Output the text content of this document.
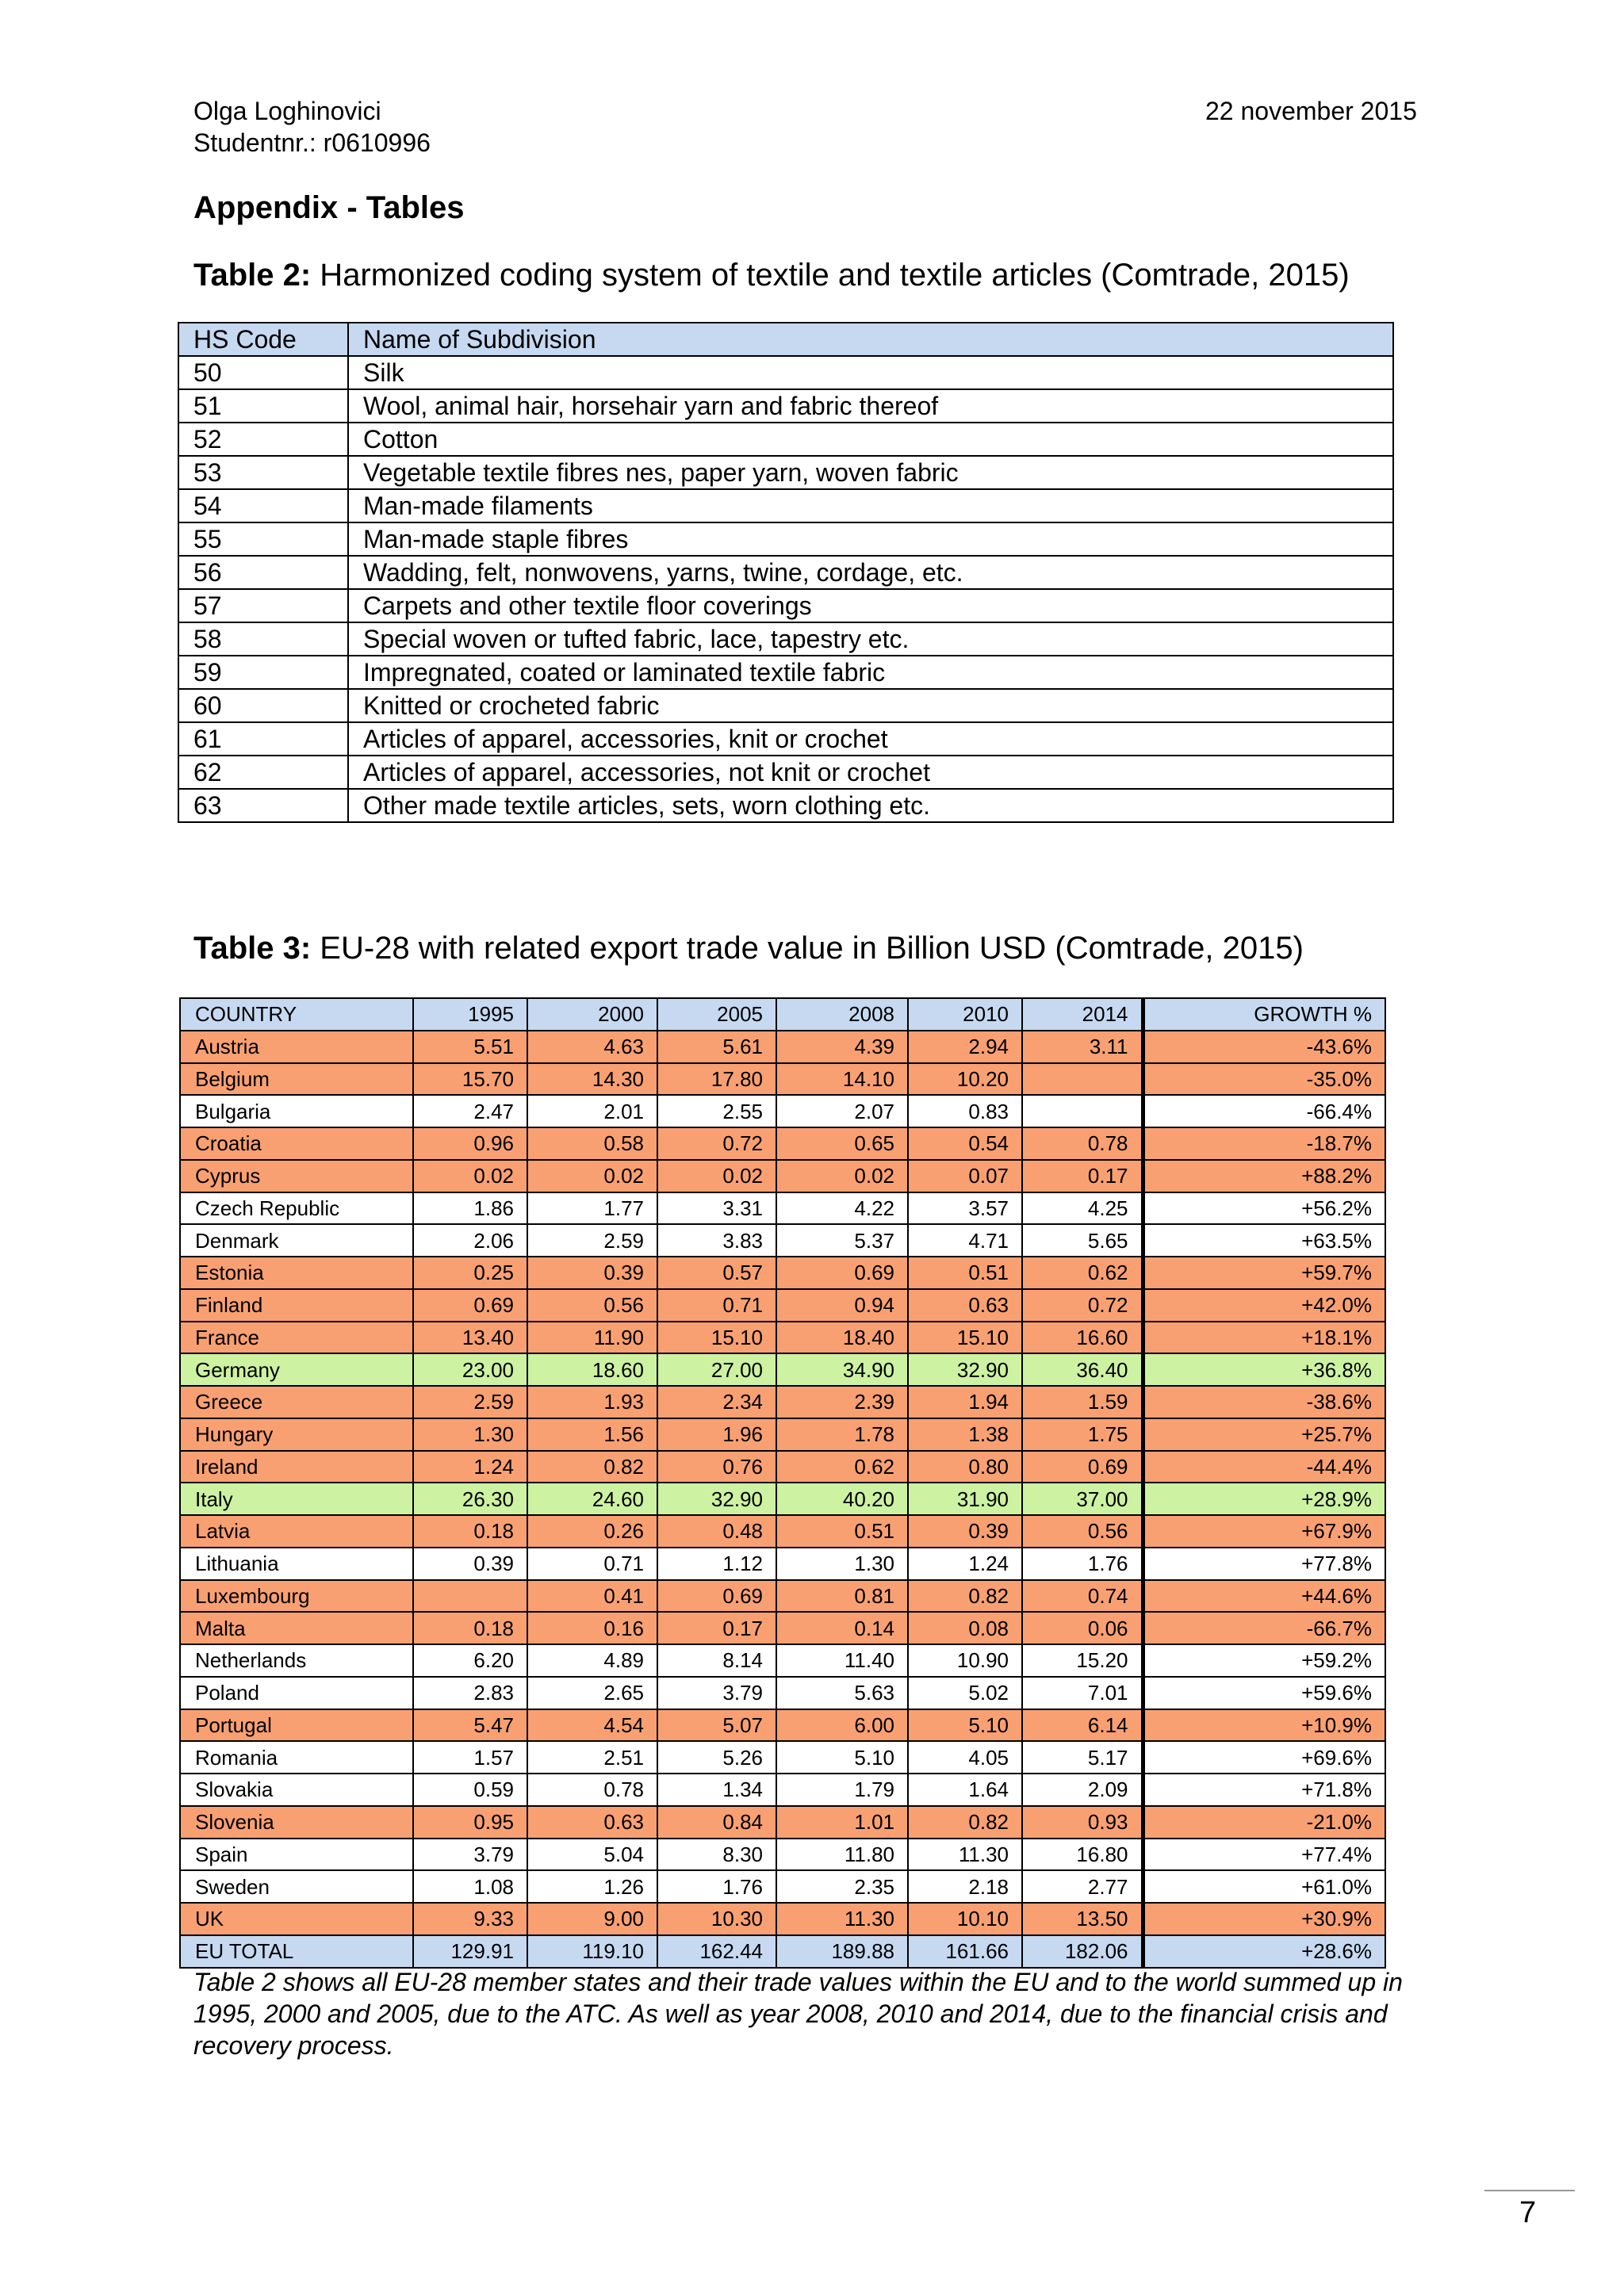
Olga Loghinovici
Studentnr.: r0610996
22 november 2015
Appendix - Tables
Table 2: Harmonized coding system of textile and textile articles (Comtrade, 2015)
HS Code	Name of Subdivision
50	Silk
51	Wool, animal hair, horsehair yarn and fabric thereof
52	Cotton
53	Vegetable textile fibres nes, paper yarn, woven fabric
54	Man-made filaments
55	Man-made staple fibres
56	Wadding, felt, nonwovens, yarns, twine, cordage, etc.
57	Carpets and other textile floor coverings
58	Special woven or tufted fabric, lace, tapestry etc.
59	Impregnated, coated or laminated textile fabric
60	Knitted or crocheted fabric
61	Articles of apparel, accessories, knit or crochet
62	Articles of apparel, accessories, not knit or crochet
63	Other made textile articles, sets, worn clothing etc.
Table 3: EU-28 with related export trade value in Billion USD (Comtrade, 2015)
COUNTRY	1995	2000	2005	2008	2010	2014	GROWTH %
Austria	5.51	4.63	5.61	4.39	2.94	3.11	-43.6%
Belgium	15.70	14.30	17.80	14.10	10.20		-35.0%
Bulgaria	2.47	2.01	2.55	2.07	0.83		-66.4%
Croatia	0.96	0.58	0.72	0.65	0.54	0.78	-18.7%
Cyprus	0.02	0.02	0.02	0.02	0.07	0.17	+88.2%
Czech Republic	1.86	1.77	3.31	4.22	3.57	4.25	+56.2%
Denmark	2.06	2.59	3.83	5.37	4.71	5.65	+63.5%
Estonia	0.25	0.39	0.57	0.69	0.51	0.62	+59.7%
Finland	0.69	0.56	0.71	0.94	0.63	0.72	+42.0%
France	13.40	11.90	15.10	18.40	15.10	16.60	+18.1%
Germany	23.00	18.60	27.00	34.90	32.90	36.40	+36.8%
Greece	2.59	1.93	2.34	2.39	1.94	1.59	-38.6%
Hungary	1.30	1.56	1.96	1.78	1.38	1.75	+25.7%
Ireland	1.24	0.82	0.76	0.62	0.80	0.69	-44.4%
Italy	26.30	24.60	32.90	40.20	31.90	37.00	+28.9%
Latvia	0.18	0.26	0.48	0.51	0.39	0.56	+67.9%
Lithuania	0.39	0.71	1.12	1.30	1.24	1.76	+77.8%
Luxembourg		0.41	0.69	0.81	0.82	0.74	+44.6%
Malta	0.18	0.16	0.17	0.14	0.08	0.06	-66.7%
Netherlands	6.20	4.89	8.14	11.40	10.90	15.20	+59.2%
Poland	2.83	2.65	3.79	5.63	5.02	7.01	+59.6%
Portugal	5.47	4.54	5.07	6.00	5.10	6.14	+10.9%
Romania	1.57	2.51	5.26	5.10	4.05	5.17	+69.6%
Slovakia	0.59	0.78	1.34	1.79	1.64	2.09	+71.8%
Slovenia	0.95	0.63	0.84	1.01	0.82	0.93	-21.0%
Spain	3.79	5.04	8.30	11.80	11.30	16.80	+77.4%
Sweden	1.08	1.26	1.76	2.35	2.18	2.77	+61.0%
UK	9.33	9.00	10.30	11.30	10.10	13.50	+30.9%
EU TOTAL	129.91	119.10	162.44	189.88	161.66	182.06	+28.6%
Table 2 shows all EU-28 member states and their trade values within the EU and to the world summed up in 1995, 2000 and 2005, due to the ATC. As well as year 2008, 2010 and 2014, due to the financial crisis and recovery process.
7
